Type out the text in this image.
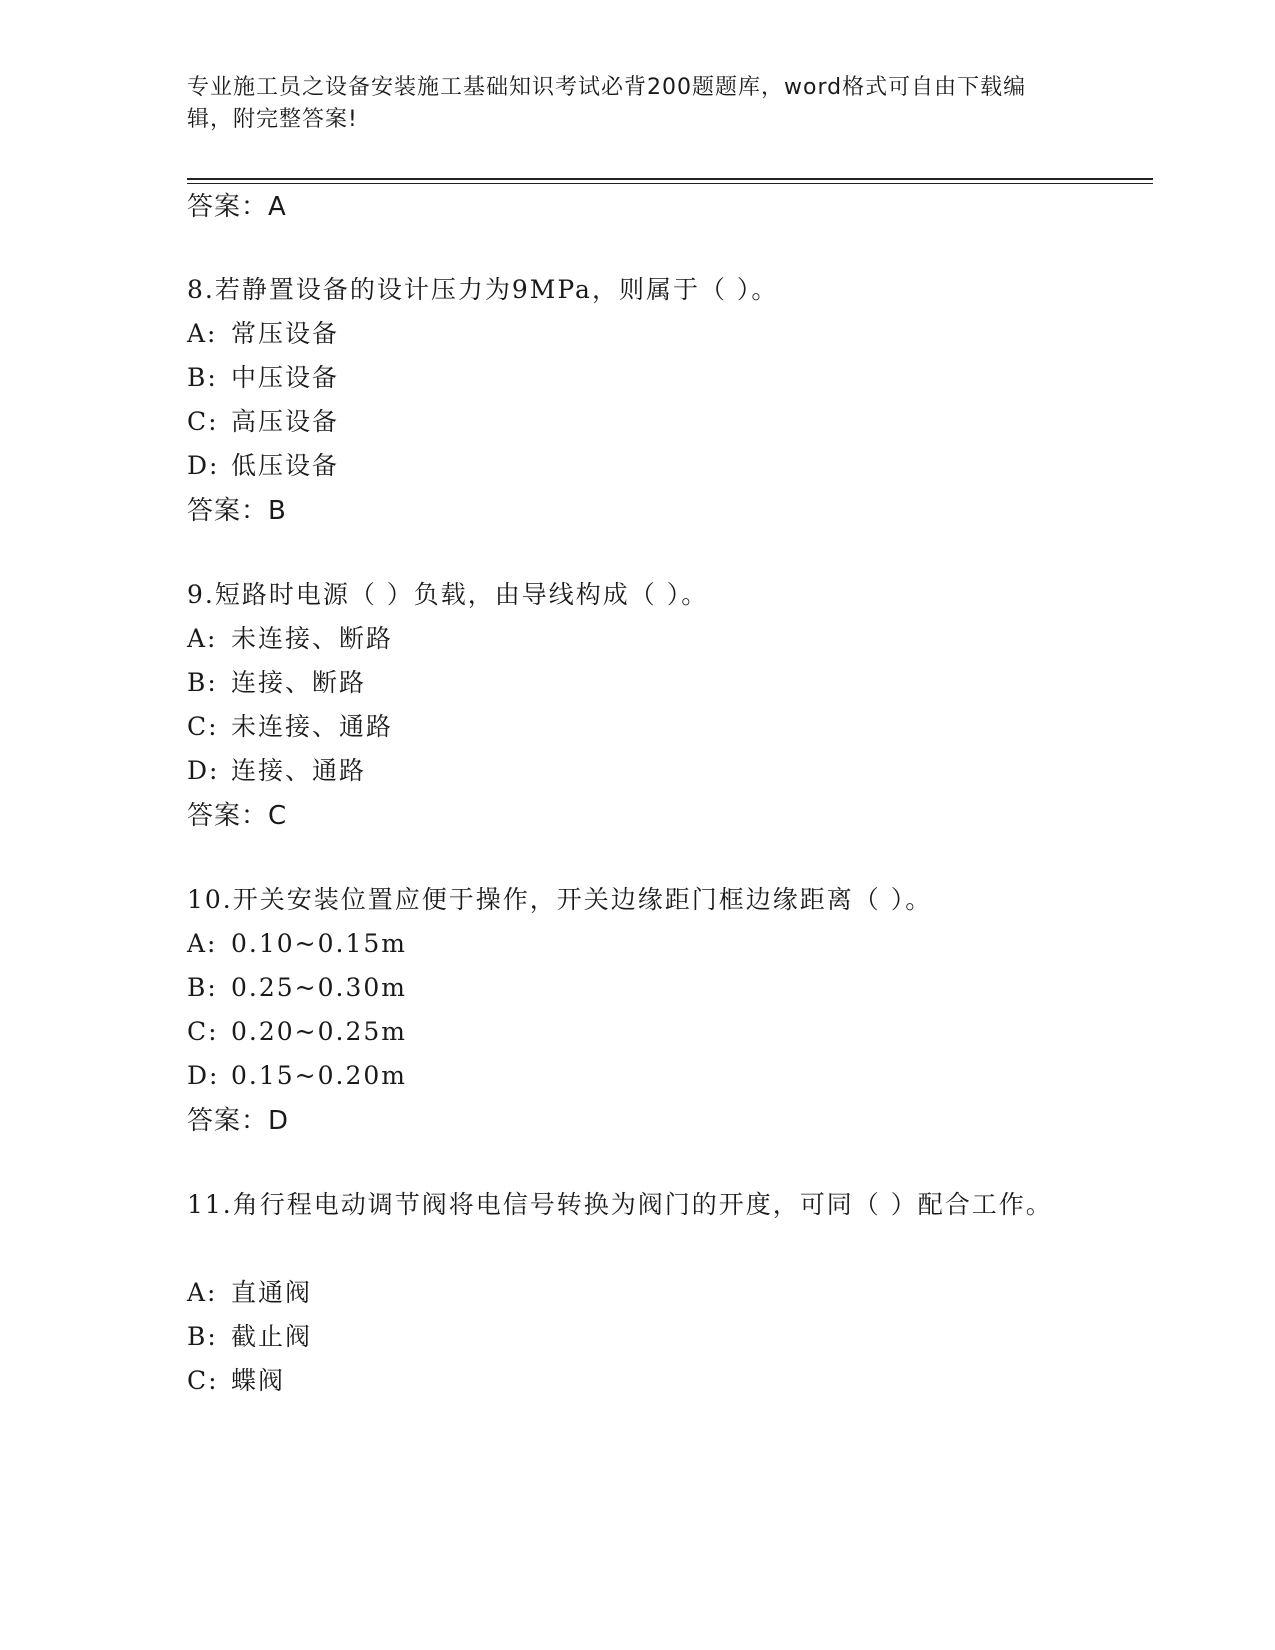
专业施工员之设备安装施工基础知识考试必背200题题库，word格式可自由下载编辑，附完整答案!
答案：A
8.若静置设备的设计压力为9MPa，则属于（ ）。
A: 常压设备
B: 中压设备
C: 高压设备
D: 低压设备
答案：B
9.短路时电源（ ）负载，由导线构成（ ）。
A: 未连接、断路
B: 连接、断路
C: 未连接、通路
D: 连接、通路
答案：C
10.开关安装位置应便于操作，开关边缘距门框边缘距离（ ）。
A: 0.10~0.15m
B: 0.25~0.30m
C: 0.20~0.25m
D: 0.15~0.20m
答案：D
11.角行程电动调节阀将电信号转换为阀门的开度，可同（ ）配合工作。
A: 直通阀
B: 截止阀
C: 蝶阀
